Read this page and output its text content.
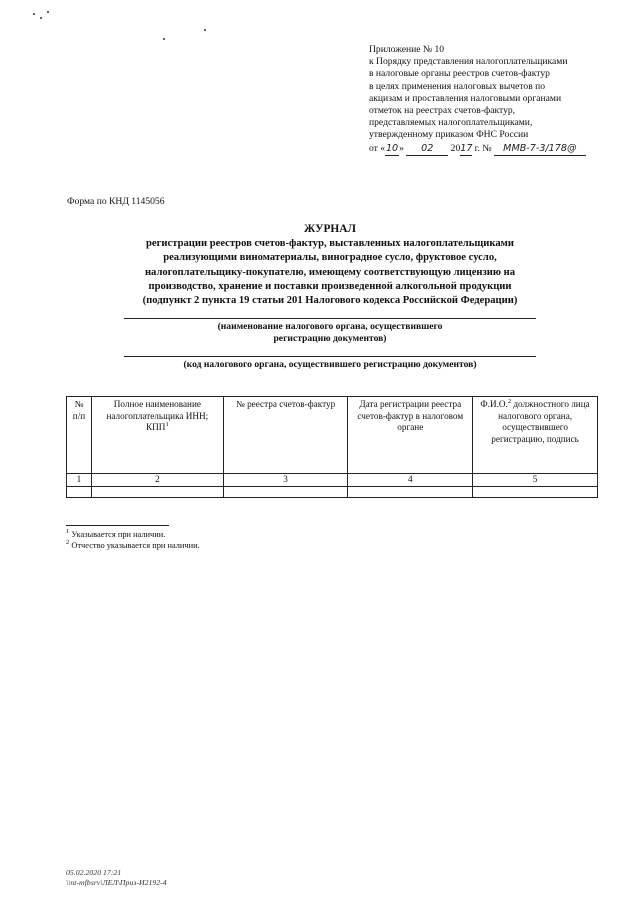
Приложение № 10
к Порядку представления налогоплательщиками
в налоговые органы реестров счетов-фактур
в целях применения налоговых вычетов по
акцизам и проставления налоговыми органами
отметок на реестрах счетов-фактур,
представляемых налогоплательщиками,
утвержденному приказом ФНС России
от «10» 02 2017 г. № ММВ-7-3/178@
Форма по КНД 1145056
ЖУРНАЛ
регистрации реестров счетов-фактур, выставленных налогоплательщиками
реализующими виноматериалы, виноградное сусло, фруктовое сусло,
налогоплательщику-покупателю, имеющему соответствующую лицензию на
производство, хранение и поставки произведенной алкогольной продукции
(подпункт 2 пункта 19 статьи 201 Налогового кодекса Российской Федерации)
(наименование налогового органа, осуществившего
регистрацию документов)
(код налогового органа, осуществившего регистрацию документов)
№ п/п	Полное наименование налогоплательщика ИНН; КПП$^1$	№ реестра счетов-фактур	Дата регистрации реестра счетов-фактур в налоговом органе	Ф.И.О.$^2$ должностного лица налогового органа, осуществившего регистрацию, подпись
1	2	3	4	5

$^1$ Указывается при наличии.
$^2$ Отчество указывается при наличии.
05.02.2020 17:21
\\nt-mfbsrv\ЛЕЛ\Приз-И2192-4
